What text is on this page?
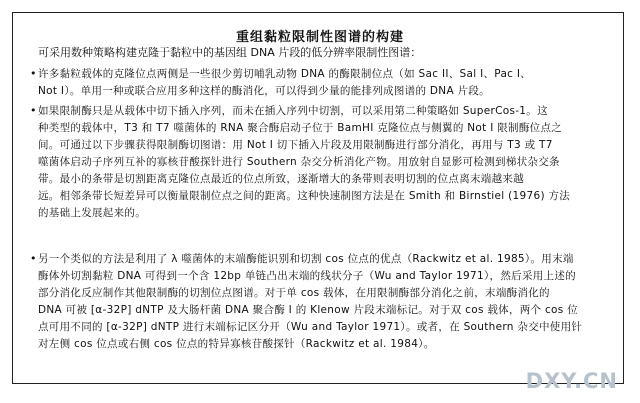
重组黏粒限制性图谱的构建
可采用数种策略构建克隆于黏粒中的基因组 DNA 片段的低分辨率限制性图谱：
• 许多黏粒载体的克隆位点两侧是一些很少剪切哺乳动物 DNA 的酶限制位点（如 Sac II、Sal I、Pac I、
Not I）。单用一种或联合应用多种这样的酶消化，可以得到少量的能排列成图谱的 DNA 片段。
• 如果限制酶只是从载体中切下插入序列，而未在插入序列中切割，可以采用第二种策略如 SuperCos-1。这
种类型的载体中，T3 和 T7 噬菌体的 RNA 聚合酶启动子位于 BamHI 克隆位点与侧翼的 Not I 限制酶位点之
间。可通过以下步骤获得限制酶切图谱：用 Not I 切下插入片段及用限制酶进行部分消化，再用与 T3 或 T7
噬菌体启动子序列互补的寡核苷酸探针进行 Southern 杂交分析消化产物。用放射自显影可检测到梯状杂交条
带。最小的条带是切割距离克隆位点最近的位点所致，逐渐增大的条带则表明切割的位点离末端越来越
远。相邻条带长短差异可以衡量限制位点之间的距离。这种快速制图方法是在 Smith 和 Birnstiel (1976) 方法
的基础上发展起来的。
• 另一个类似的方法是利用了 λ 噬菌体的末端酶能识别和切割 cos 位点的优点（Rackwitz et al. 1985）。用末端
酶体外切割黏粒 DNA 可得到一个含 12bp 单链凸出末端的线状分子（Wu and Taylor 1971），然后采用上述的
部分消化反应制作其他限制酶的切割位点图谱。对于单 cos 载体，在用限制酶部分消化之前，末端酶消化的
DNA 可被 [α-32P] dNTP 及大肠杆菌 DNA 聚合酶 I 的 Klenow 片段末端标记。对于双 cos 载体，两个 cos 位
点可用不同的 [α-32P] dNTP 进行末端标记区分开（Wu and Taylor 1971）。或者，在 Southern 杂交中使用针
对左侧 cos 位点或右侧 cos 位点的特异寡核苷酸探针（Rackwitz et al. 1984）。
DXY.CN
